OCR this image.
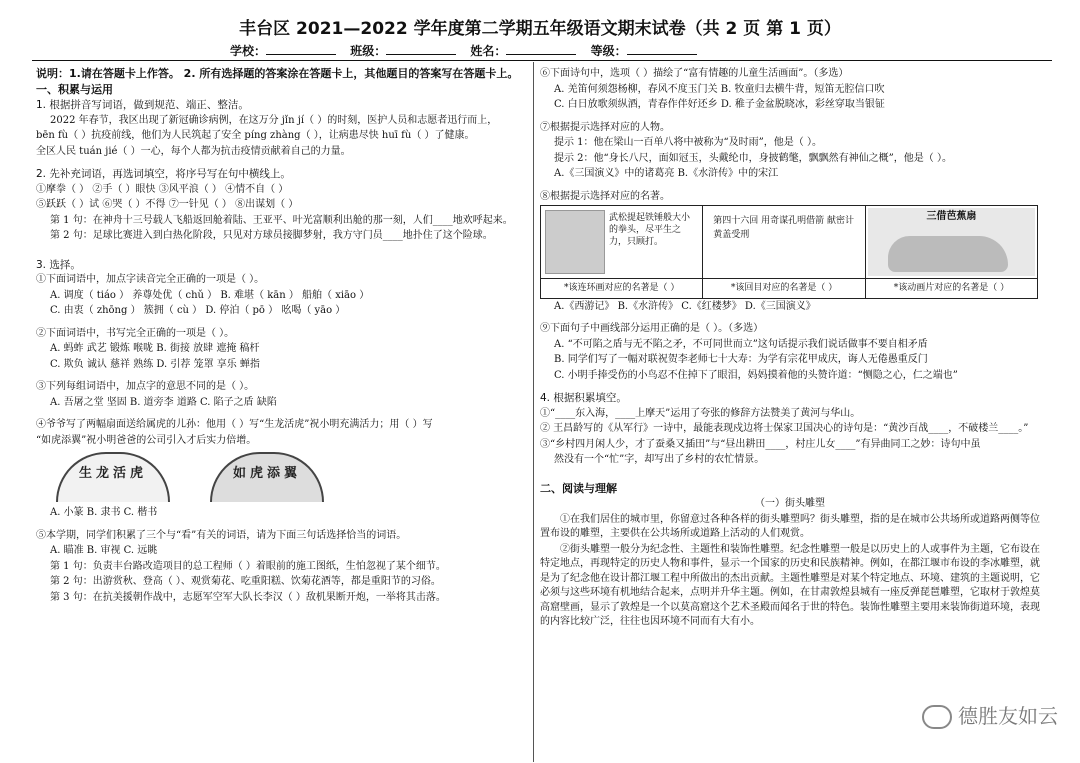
丰台区 2021—2022 学年度第二学期五年级语文期末试卷（共 2 页 第 1 页）
学校：	班级：	姓名：	等级：
说明：1.请在答题卡上作答。 2. 所有选择题的答案涂在答题卡上，其他题目的答案写在答题卡上。
一、积累与运用
1. 根据拼音写词语，做到规范、端正、整洁。
2022 年春节，我区出现了新冠确诊病例，在这万分 jǐn jí（ ）的时刻，医护人员和志愿者迅行而上，
bēn fù（ ）抗疫前线，他们为人民筑起了安全 píng zhàng（ ），让病患尽快 huī fù（ ）了健康。
全区人民 tuán jié（ ）一心，每个人都为抗击疫情贡献着自己的力量。
2. 先补充词语，再选词填空，将序号写在句中横线上。
①摩拳（ ） ②手（ ）眼快 ③风平浪（ ） ④情不自（ ）
⑤跃跃（ ）试 ⑥哭（ ）不得 ⑦一针见（ ） ⑧出谋划（ ）
第 1 句：在神舟十三号载人飞船返回舱着陆、王亚平、叶光富顺利出舱的那一刻，人们____地欢呼起来。
第 2 句：足球比赛进入到白热化阶段，只见对方球员接脚梦射，我方守门员____地扑住了这个险球。
3. 选择。
①下面词语中，加点字读音完全正确的一项是（ ）。
A. 调度（ tiáo ） 养尊处优（ chǔ ） B. 难堪（ kān ） 船舶（ xiāo ）
C. 由衷（ zhōng ） 簇拥（ cù ） D. 停泊（ pō ） 吆喝（ yāo ）
②下面词语中，书写完全正确的一项是（ ）。
A. 蚂蚱 武艺 锻炼 喉咙 B. 街接 放肆 遮掩 稿杆
C. 欺负 诚认 慈祥 熟练 D. 引荐 笼罩 享乐 蝉指
③下列每组词语中，加点字的意思不同的是（ ）。
A. 吾屠之堂 坚固 B. 道旁李 道路 C. 陷子之盾 缺陷
④爷爷写了两幅扇面送给属虎的儿孙：他用（ ）写“生龙活虎”祝小明充满活力；用（ ）写
“如虎添翼”祝小明爸爸的公司引入才后实力倍增。
生龙活虎	如虎添翼
A. 小篆 B. 隶书 C. 楷书
⑤本学期，同学们积累了三个与“看”有关的词语，请为下面三句话选择恰当的词语。
A. 瞄准 B. 审视 C. 远眺
第 1 句：负责丰台路改造项目的总工程师（ ）着眼前的施工图纸，生怕忽视了某个细节。
第 2 句：出游赏秋、登高（ ）、观赏菊花、吃重阳糕、饮菊花酒等，都是重阳节的习俗。
第 3 句：在抗美援朝作战中，志愿军空军大队长李汉（ ）敌机果断开炮，一举将其击落。
⑥下面诗句中，选项（ ）描绘了“富有情趣的儿童生活画面”。（多选）
A. 羌笛何须怨杨柳，春风不度玉门关 B. 牧童归去横牛背，短笛无腔信口吹
C. 白日放歌须纵酒，青春作伴好还乡 D. 稚子金盆脱晓冰，彩丝穿取当银钲
⑦根据提示选择对应的人物。
提示 1：他在梁山一百单八将中被称为“及时雨”，他是（ ）。
提示 2：他“身长八尺，面如冠玉，头戴纶巾，身披鹤氅，飘飘然有神仙之概”，他是（ ）。
A.《三国演义》中的诸葛亮 B.《水浒传》中的宋江
⑧根据提示选择对应的名著。
武松提起铁锤般大小的拳头，尽平生之力，只顾打。	第四十六回 用奇谋孔明借箭 献密计黄盖受刑	三借芭蕉扇

*该连环画对应的名著是（ ）	*该回目对应的名著是（ ）	*该动画片对应的名著是（ ）
A.《西游记》 B.《水浒传》 C.《红楼梦》 D.《三国演义》
⑨下面句子中画线部分运用正确的是（ ）。（多选）
A. “不可陷之盾与无不陷之矛，不可同世而立”这句话提示我们说话做事不要自相矛盾
B. 同学们写了一幅对联祝贺李老师七十大寿：为学有宗花甲成庆，诲人无倦愚重反门
C. 小明手捧受伤的小鸟忍不住掉下了眼泪，妈妈摸着他的头赞许道：“恻隐之心，仁之端也”
4. 根据积累填空。
①“____东入海，____上摩天”运用了夸张的修辞方法赞美了黄河与华山。
② 王昌龄写的《从军行》一诗中，最能表现戍边将士保家卫国决心的诗句是：“黄沙百战____，不破楼兰____。”
③“乡村四月闲人少，才了蚕桑又插田”与“昼出耕田____，村庄儿女____”有异曲同工之妙：诗句中虽
然没有一个“忙”字，却写出了乡村的农忙情景。
二、阅读与理解
（一）街头雕塑
①在我们居住的城市里，你留意过各种各样的街头雕塑吗？街头雕塑，指的是在城市公共场所或道路两侧等位置布设的雕塑，主要供在公共场所或道路上活动的人们观赏。
②街头雕塑一般分为纪念性、主题性和装饰性雕塑。纪念性雕塑一般是以历史上的人或事件为主题，它布设在特定地点，再现特定的历史人物和事件，显示一个国家的历史和民族精神。例如，在都江堰市布设的李冰雕塑，就是为了纪念他在设计都江堰工程中所做出的杰出贡献。主题性雕塑是对某个特定地点、环境、建筑的主题说明，它必须与这些环境有机地结合起来，点明并升华主题。例如，在甘肃敦煌县城有一座反弹琵琶雕塑，它取材于敦煌莫高窟壁画，显示了敦煌是一个以莫高窟这个艺术圣殿而闻名于世的特色。装饰性雕塑主要用来装饰街道环境，表现的内容比较广泛，往往也因环境不同而有大有小。
德胜友如云
